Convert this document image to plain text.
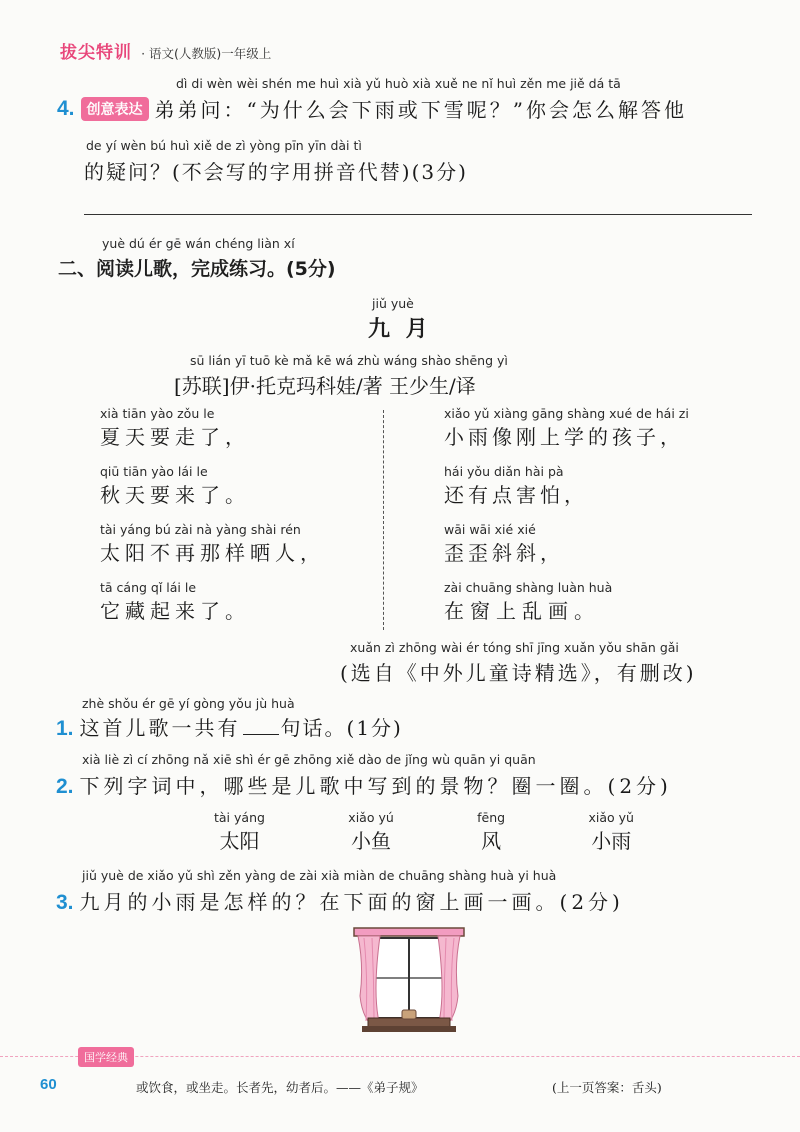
拔尖特训 · 语文(人教版)一年级上
dì di wèn wèi shén me huì xià yǔ huò xià xuě ne nǐ huì zěn me jiě dá tā
4. 创意表达 弟弟问：“为什么会下雨或下雪呢？”你会怎么解答他
de yí wèn bú huì xiě de zì yòng pīn yīn dài tì
的疑问？(不会写的字用拼音代替)(3分)
yuè dú ér gē wán chéng liàn xí
二、阅读儿歌，完成练习。(5分)
jiǔ yuè
九 月
sū lián yī tuō kè mǎ kē wá zhù wáng shào shēng yì
[苏联]伊·托克玛科娃/著 王少生/译
xià tiān yào zǒu le
夏天要走了，
qiū tiān yào lái le
秋天要来了。
tài yáng bú zài nà yàng shài rén
太阳不再那样晒人，
tā cáng qǐ lái le
它藏起来了。
xiǎo yǔ xiàng gāng shàng xué de hái zi
小雨像刚上学的孩子，
hái yǒu diǎn hài pà
还有点害怕，
wāi wāi xié xié
歪歪斜斜，
zài chuāng shàng luàn huà
在窗上乱画。
xuǎn zì zhōng wài ér tóng shī jīng xuǎn yǒu shān gǎi
(选自《中外儿童诗精选》，有删改)
zhè shǒu ér gē yí gòng yǒu jù huà
1. 这首儿歌一共有 句话。(1分)
xià liè zì cí zhōng nǎ xiē shì ér gē zhōng xiě dào de jǐng wù quān yi quān
2. 下列字词中，哪些是儿歌中写到的景物？圈一圈。(2分)
tài yáng
太阳
xiǎo yú
小鱼
fēng
风
xiǎo yǔ
小雨
jiǔ yuè de xiǎo yǔ shì zěn yàng de zài xià miàn de chuāng shàng huà yi huà
3. 九月的小雨是怎样的？在下面的窗上画一画。(2分)
国学经典
60	或饮食，或坐走。长者先，幼者后。——《弟子规》	(上一页答案：舌头)
